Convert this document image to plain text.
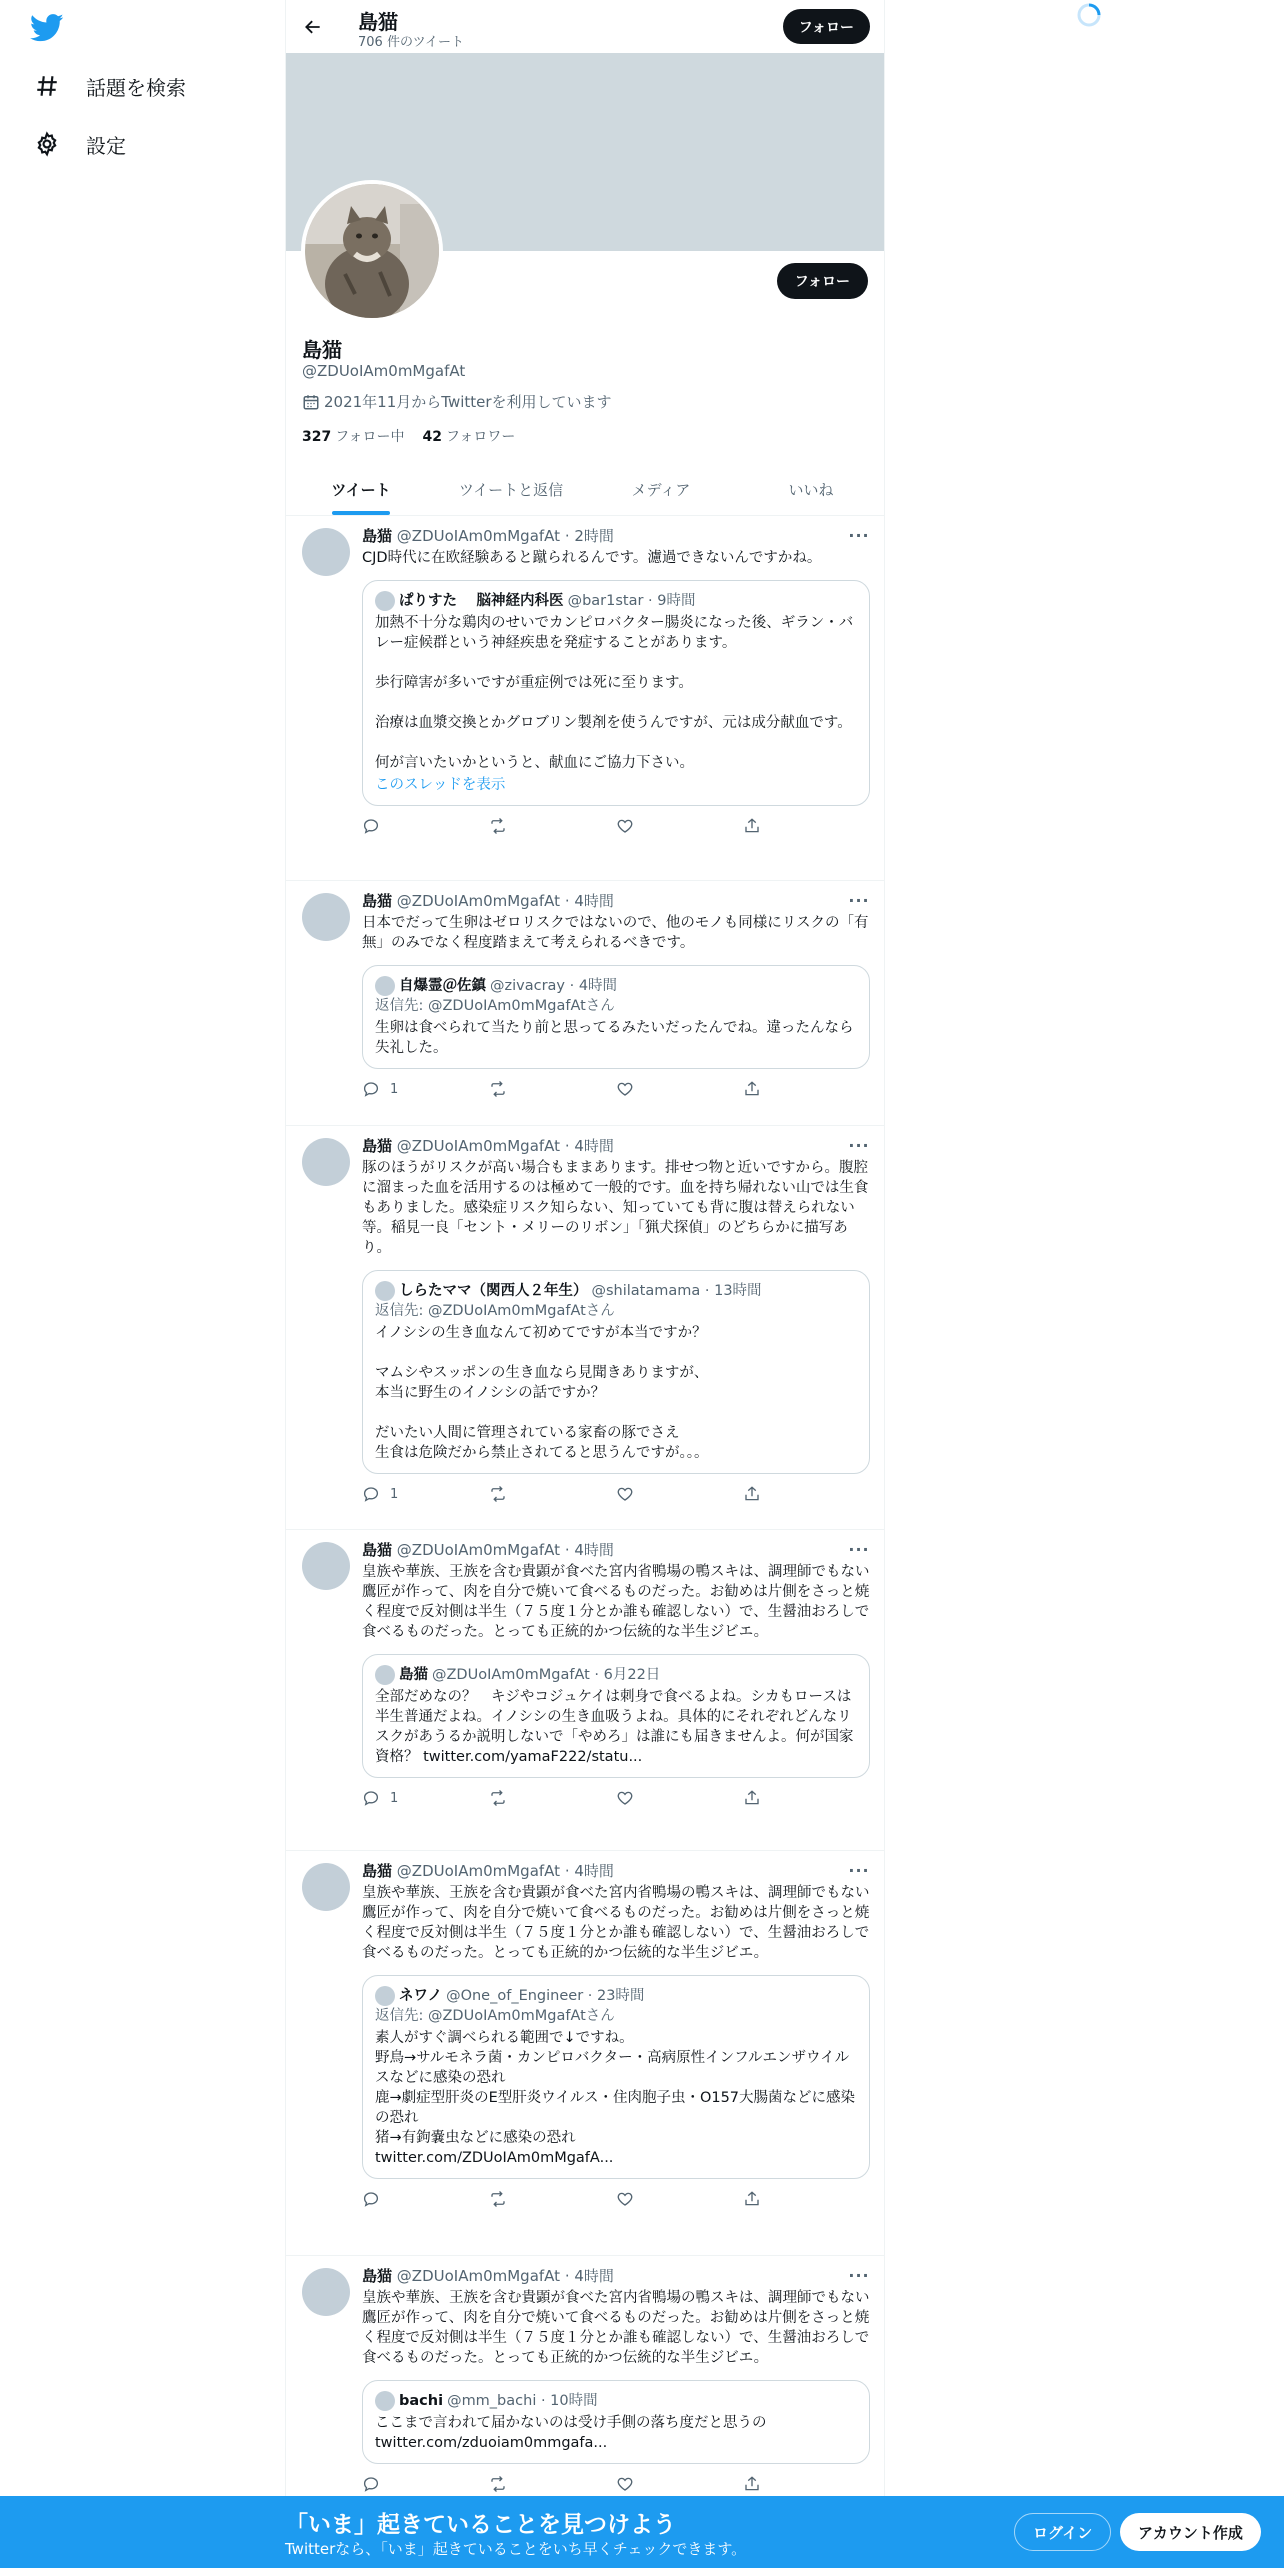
話題を検索
設定
島猫
706 件のツイート
フォロー
フォロー
島猫
@ZDUoIAm0mMgafAt
2021年11月からTwitterを利用しています
327 フォロー中 42 フォロワー
ツイート	ツイートと返信	メディア	いいね
···
島猫 @ZDUoIAm0mMgafAt · 2時間
CJD時代に在欧経験あると蹴られるんです。濾過できないんですかね。
ぱりすた　 脳神経内科医 @bar1star · 9時間
加熱不十分な鶏肉のせいでカンピロバクター腸炎になった後、ギラン・バレー症候群という神経疾患を発症することがあります。

歩行障害が多いですが重症例では死に至ります。

治療は血漿交換とかグロブリン製剤を使うんですが、元は成分献血です。

何が言いたいかというと、献血にご協力下さい。
このスレッドを表示
···
島猫 @ZDUoIAm0mMgafAt · 4時間
日本でだって生卵はゼロリスクではないので、他のモノも同様にリスクの「有無」のみでなく程度踏まえて考えられるべきです。
自爆霊＠佐鎮 @zivacray · 4時間
返信先: @ZDUoIAm0mMgafAtさん
生卵は食べられて当たり前と思ってるみたいだったんでね。違ったんなら失礼した。
1
···
島猫 @ZDUoIAm0mMgafAt · 4時間
豚のほうがリスクが高い場合もままあります。排せつ物と近いですから。腹腔に溜まった血を活用するのは極めて一般的です。血を持ち帰れない山では生食もありました。感染症リスク知らない、知っていても背に腹は替えられない等。稲見一良「セント・メリーのリボン」「猟犬探偵」のどちらかに描写あり。
しらたママ（関西人２年生） @shilatamama · 13時間
返信先: @ZDUoIAm0mMgafAtさん
イノシシの生き血なんて初めてですが本当ですか？

マムシやスッポンの生き血なら見聞きありますが、
本当に野生のイノシシの話ですか？

だいたい人間に管理されている家畜の豚でさえ
生食は危険だから禁止されてると思うんですが。。。
1
···
島猫 @ZDUoIAm0mMgafAt · 4時間
皇族や華族、王族を含む貴顕が食べた宮内省鴨場の鴨スキは、調理師でもない鷹匠が作って、肉を自分で焼いて食べるものだった。お勧めは片側をさっと焼く程度で反対側は半生（７５度１分とか誰も確認しない）で、生醤油おろしで食べるものだった。とっても正統的かつ伝統的な半生ジビエ。
島猫 @ZDUoIAm0mMgafAt · 6月22日
全部だめなの？　キジやコジュケイは刺身で食べるよね。シカもロースは半生普通だよね。イノシシの生き血吸うよね。具体的にそれぞれどんなリスクがあうるか説明しないで「やめろ」は誰にも届きませんよ。何が国家資格？ twitter.com/yamaF222/statu...
1
···
島猫 @ZDUoIAm0mMgafAt · 4時間
皇族や華族、王族を含む貴顕が食べた宮内省鴨場の鴨スキは、調理師でもない鷹匠が作って、肉を自分で焼いて食べるものだった。お勧めは片側をさっと焼く程度で反対側は半生（７５度１分とか誰も確認しない）で、生醤油おろしで食べるものだった。とっても正統的かつ伝統的な半生ジビエ。
ネワノ @One_of_Engineer · 23時間
返信先: @ZDUoIAm0mMgafAtさん
素人がすぐ調べられる範囲で↓ですね。
野鳥→サルモネラ菌・カンピロバクター・高病原性インフルエンザウイルスなどに感染の恐れ
鹿→劇症型肝炎のE型肝炎ウイルス・住肉胞子虫・O157大腸菌などに感染の恐れ
猪→有鉤嚢虫などに感染の恐れ
twitter.com/ZDUoIAm0mMgafA...
···
島猫 @ZDUoIAm0mMgafAt · 4時間
皇族や華族、王族を含む貴顕が食べた宮内省鴨場の鴨スキは、調理師でもない鷹匠が作って、肉を自分で焼いて食べるものだった。お勧めは片側をさっと焼く程度で反対側は半生（７５度１分とか誰も確認しない）で、生醤油おろしで食べるものだった。とっても正統的かつ伝統的な半生ジビエ。
bachi @mm_bachi · 10時間
ここまで言われて届かないのは受け手側の落ち度だと思うの
twitter.com/zduoiam0mmgafa...
「いま」起きていることを見つけよう
Twitterなら、「いま」起きていることをいち早くチェックできます。
ログイン	アカウント作成
